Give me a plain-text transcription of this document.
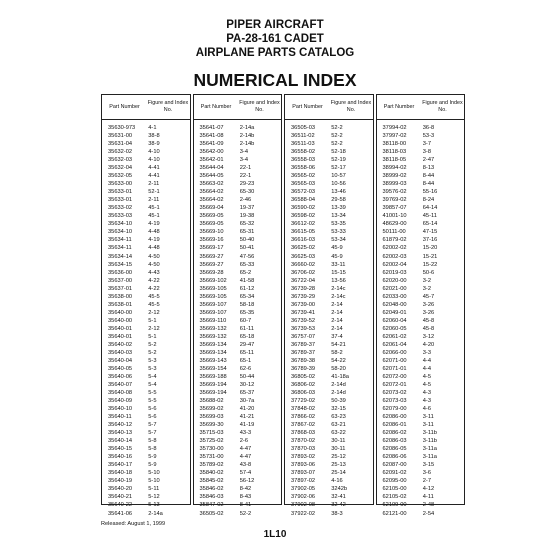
PIPER AIRCRAFT
PA-28-161 CADET
AIRPLANE PARTS CATALOG
NUMERICAL INDEX
Part Number
Figure and Index No.
35630-973	4-1
35631-00	38-8
35631-04	38-9
35632-02	4-10
35632-03	4-10
35632-04	4-41
35632-05	4-41
35633-00	2-11
35633-01	52-1
35633-01	2-11
35633-02	45-1
35633-03	45-1
35634-10	4-19
35634-10	4-48
35634-11	4-19
35634-11	4-48
35634-14	4-50
35634-15	4-50
35636-00	4-43
35637-00	4-22
35637-01	4-22
35638-00	45-5
35638-01	45-5
35640-00	2-12
35640-00	5-1
35640-01	2-12
35640-01	5-1
35640-02	5-2
35640-03	5-2
35640-04	5-3
35640-05	5-3
35640-06	5-4
35640-07	5-4
35640-08	5-5
35640-09	5-5
35640-10	5-6
35640-11	5-6
35640-12	5-7
35640-13	5-7
35640-14	5-8
35640-15	5-8
35640-16	5-9
35640-17	5-9
35640-18	5-10
35640-19	5-10
35640-20	5-11
35640-21	5-12
35640-22	5-13
35641-06	2-14a
Part Number
Figure and Index No.
35641-07	2-14a
35641-08	2-14b
35641-09	2-14b
35642-00	3-4
35642-01	3-4
35644-04	22-1
35644-05	22-1
35663-02	29-23
35664-02	65-30
35664-02	2-46
35669-04	19-37
35669-05	19-38
35669-05	65-32
35669-10	65-31
35669-16	50-40
35669-17	50-41
35669-27	47-56
35669-27	65-33
35669-28	65-2
35669-102	41-58
35669-105	61-12
35669-105	65-34
35669-107	58-18
35669-107	65-35
35669-110	60-7
35669-132	61-11
35669-132	65-18
35669-134	29-47
35669-134	65-11
35669-143	65-1
35669-154	62-6
35669-188	50-44
35669-194	30-12
35669-194	65-37
35688-02	30-7a
35699-02	41-20
35699-03	41-21
35699-30	41-19
35715-03	43-3
35725-02	2-6
35730-00	4-47
35731-00	4-47
35789-02	43-8
35840-02	57-4
35845-02	56-12
35846-02	8-42
35846-03	8-43
35847-02	8-41
36505-02	52-2
Part Number
Figure and Index No.
36505-03	52-2
36511-02	52-2
36511-03	52-2
36558-02	52-18
36558-03	52-19
36558-06	52-17
36565-02	10-57
36565-03	10-56
36572-03	13-46
36588-04	29-58
36590-02	13-39
36598-02	13-34
36612-02	53-35
36615-05	53-33
36616-03	53-34
36625-02	45-9
36625-03	45-9
36660-02	33-11
36706-02	15-15
36722-04	13-56
36739-28	2-14c
36739-29	2-14c
36739-00	2-14
36739-41	2-14
36739-52	2-14
36739-53	2-14
36757-07	37-4
36789-37	54-21
36789-37	58-2
36789-38	54-22
36789-39	58-20
36805-02	41-18a
36806-02	2-14d
36806-03	2-14d
37729-02	50-39
37848-02	32-15
37866-02	63-23
37867-02	63-21
37868-03	63-22
37870-02	30-11
37870-03	30-11
37893-02	25-12
37893-06	25-13
37893-07	25-14
37897-02	4-16
37902-05	3242b
37902-06	32-41
37902-08	32-42
37922-02	38-3
Part Number
Figure and Index No.
37994-02	36-8
37997-02	53-3
38118-00	3-7
38118-03	3-8
38118-05	2-47
38994-02	8-13
38999-02	8-44
38999-03	8-44
39576-02	55-16
39769-02	8-24
39857-07	64-14
41001-10	45-11
48629-00	65-14
50111-00	47-15
61879-02	37-16
62002-02	15-20
62002-03	15-21
62002-04	15-22
62019-03	50-6
62020-00	3-2
62021-00	3-2
62033-00	45-7
62048-00	3-26
62049-01	3-26
62060-04	45-8
62060-05	45-8
62061-02	3-12
62061-04	4-20
62066-00	3-3
62071-00	4-4
62071-01	4-4
62072-00	4-5
62072-01	4-5
62073-02	4-3
62073-03	4-3
62079-00	4-6
62086-00	3-11
62086-01	3-11
62086-02	3-11b
62086-03	3-11b
62086-05	3-11a
62086-06	3-11a
62087-00	3-15
62091-02	3-6
62095-00	2-7
62105-00	4-12
62105-02	4-11
62109-00	2-48
62121-00	2-54
Released: August 1, 1999
1L10
